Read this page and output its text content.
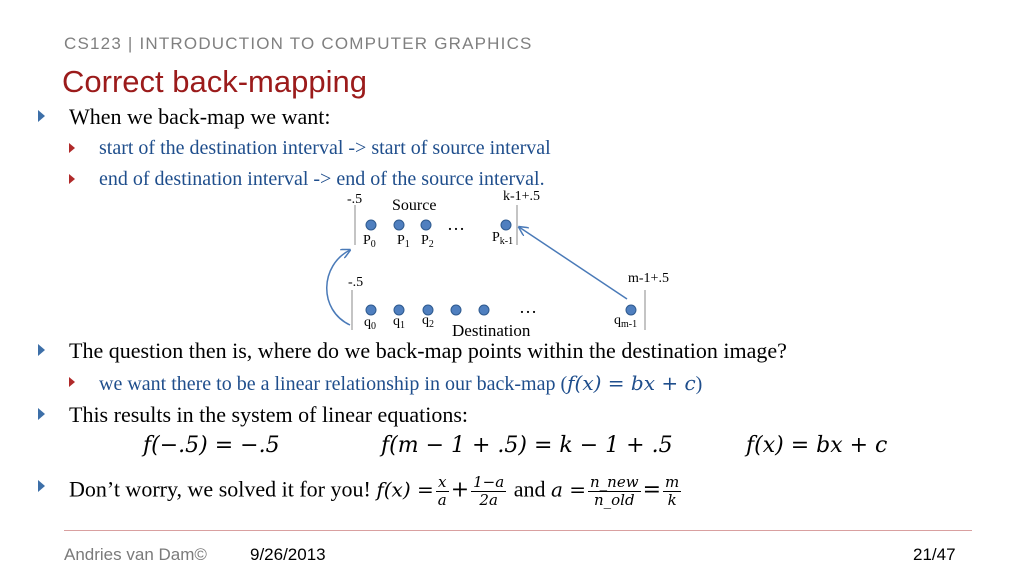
CS123 | INTRODUCTION TO COMPUTER GRAPHICS
Correct back-mapping
When we back-map we want:
start of the destination interval -> start of source interval
end of destination interval -> end of the source interval.
-.5	k-1+.5
Source
…
$P_0$ $P_1$ $P_2$	$P_{k-1}$
-.5	m-1+.5
…
$q_0$ $q_1$ $q_2$	$q_{m-1}$
Destination
The question then is, where do we back-map points within the destination image?
we want there to be a linear relationship in our back-map (f(x) = bx + c)
This results in the system of linear equations:
f(−.5) = −.5	f(m − 1 + .5) = k − 1 + .5	f(x) = bx + c
Don’t worry, we solved it for you! $f(x) = \frac{x}{a} + \frac{1-a}{2a}$ and $a = \frac{\text{n\_new}}{\text{n\_old}} = \frac{m}{k}$
Andries van Dam©	9/26/2013	21/47
